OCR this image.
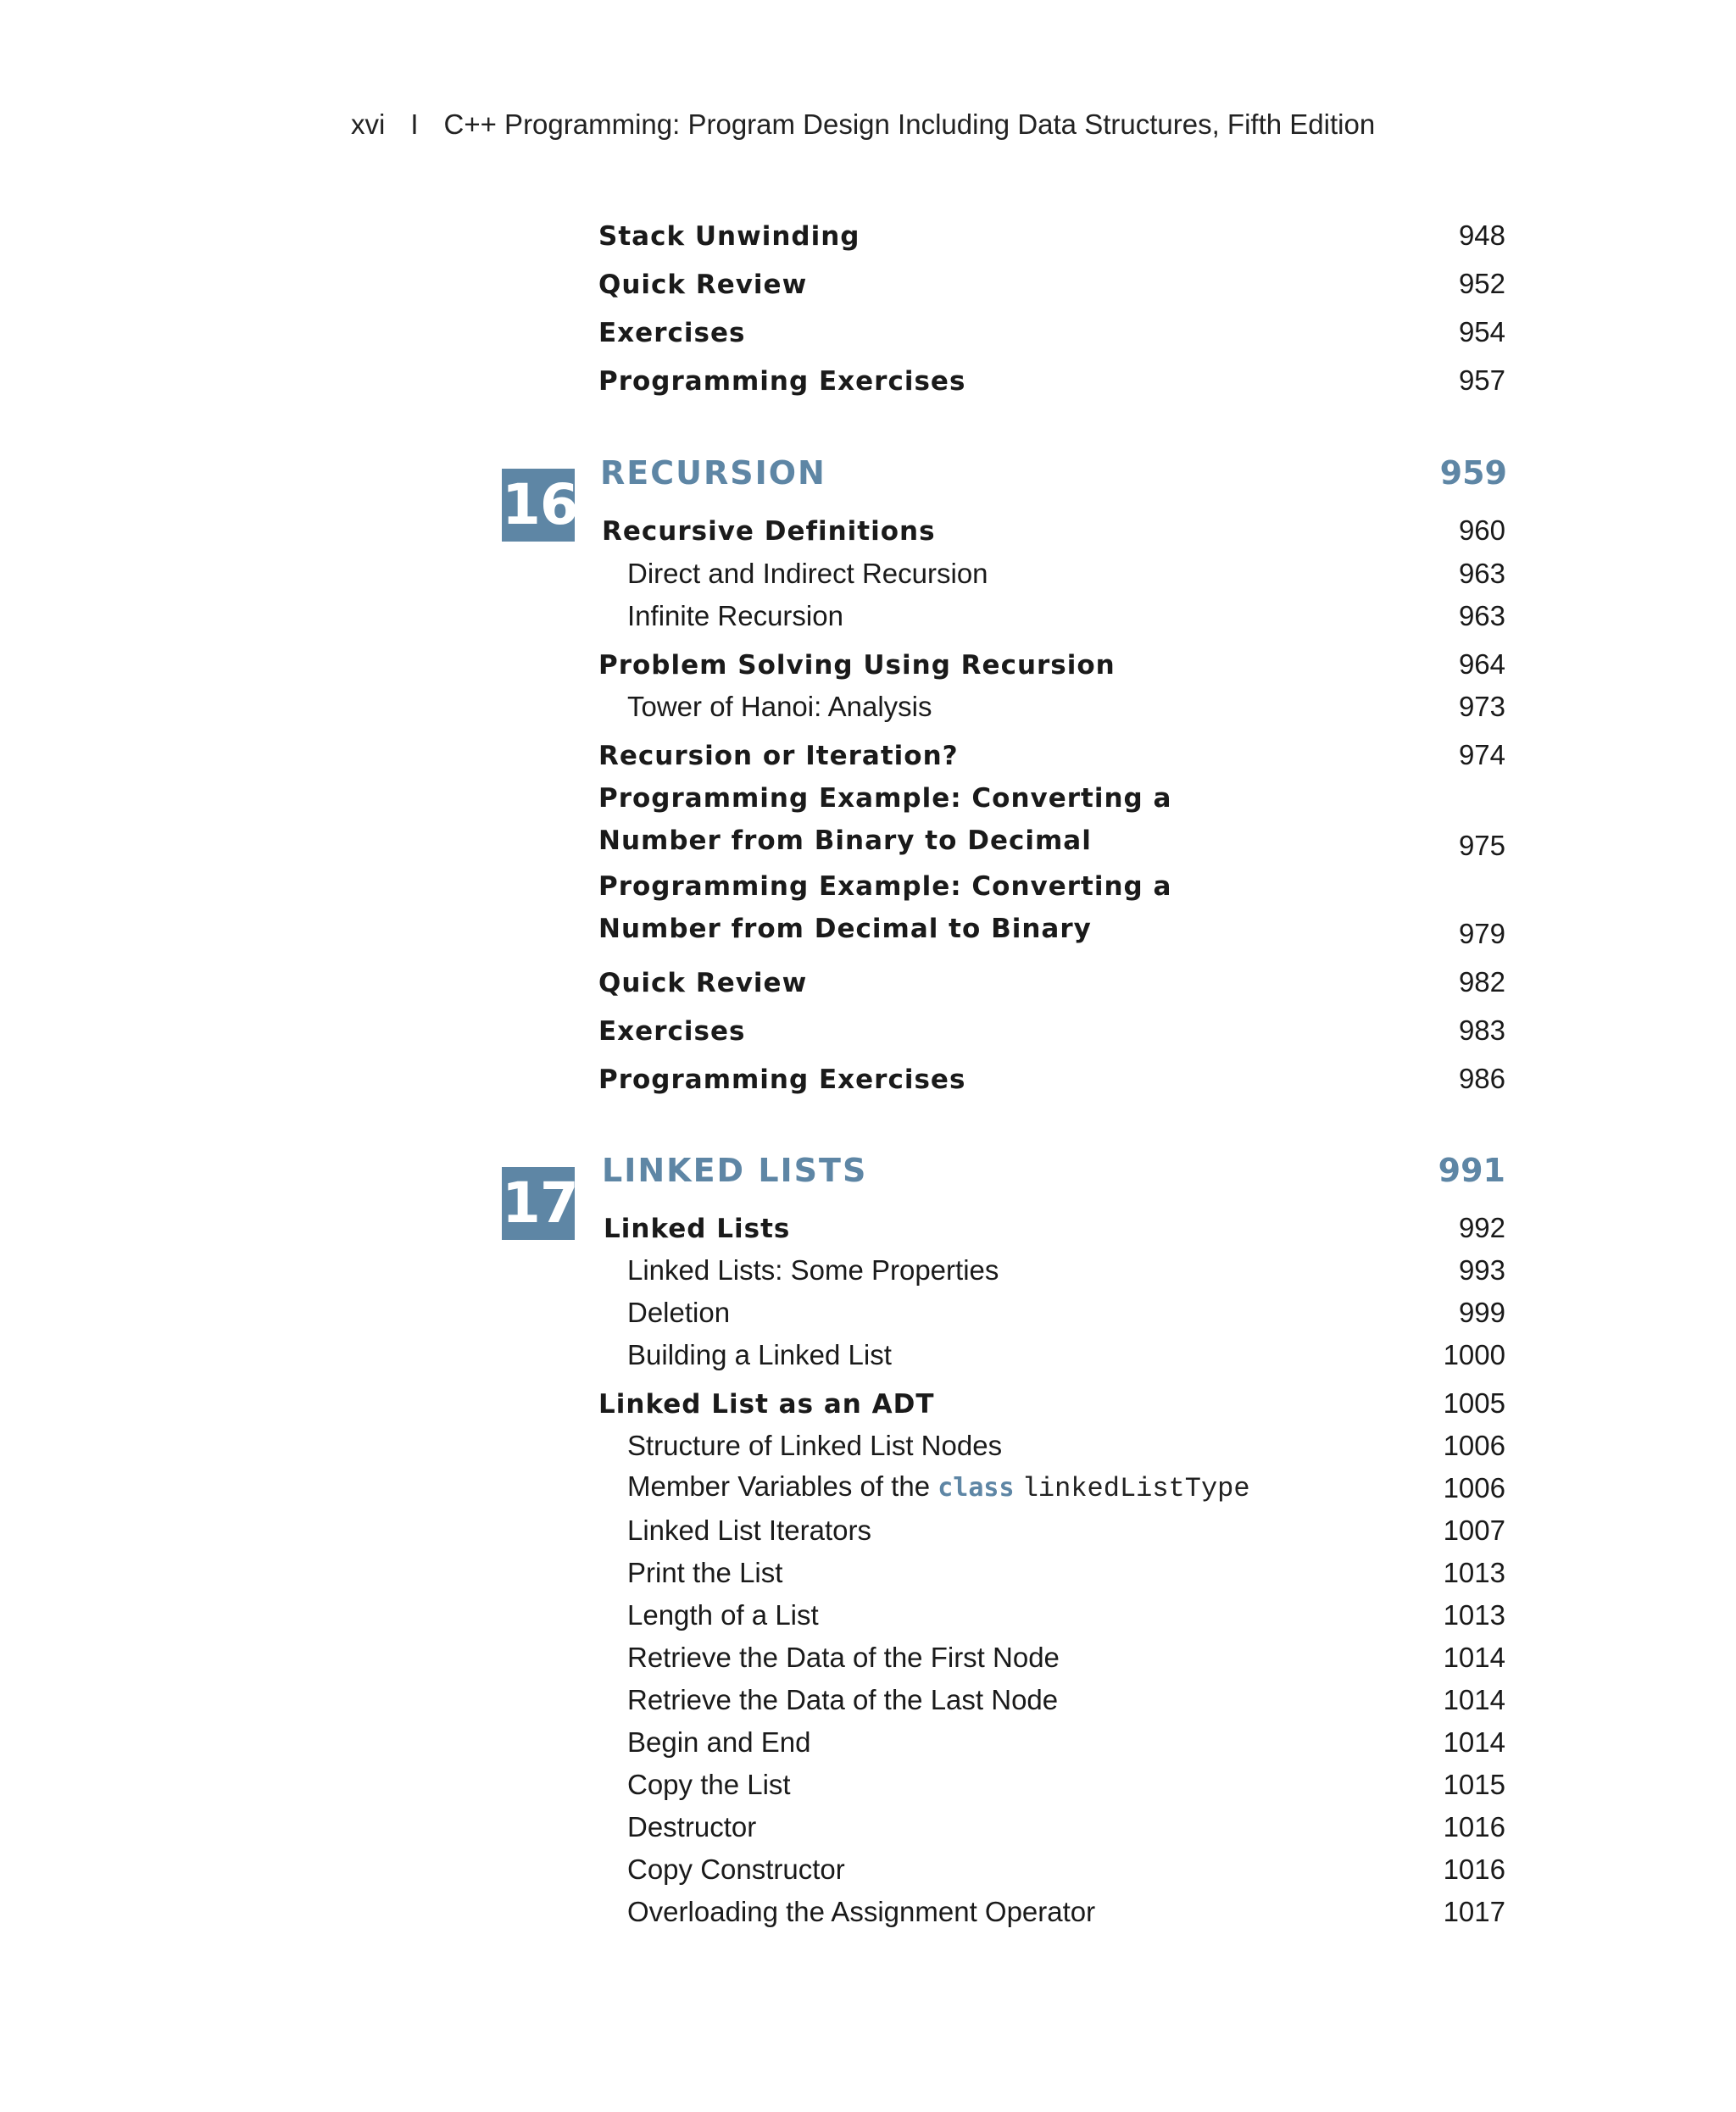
xvi I C++ Programming: Program Design Including Data Structures, Fifth Edition
Stack Unwinding	948
Quick Review	952
Exercises	954
Programming Exercises	957
16 RECURSION	959
Recursive Definitions	960
Direct and Indirect Recursion	963
Infinite Recursion	963
Problem Solving Using Recursion	964
Tower of Hanoi: Analysis	973
Recursion or Iteration?	974
Programming Example: Converting a Number from Binary to Decimal	975
Programming Example: Converting a Number from Decimal to Binary	979
Quick Review	982
Exercises	983
Programming Exercises	986
17 LINKED LISTS	991
Linked Lists	992
Linked Lists: Some Properties	993
Deletion	999
Building a Linked List	1000
Linked List as an ADT	1005
Structure of Linked List Nodes	1006
Member Variables of the class linkedListType	1006
Linked List Iterators	1007
Print the List	1013
Length of a List	1013
Retrieve the Data of the First Node	1014
Retrieve the Data of the Last Node	1014
Begin and End	1014
Copy the List	1015
Destructor	1016
Copy Constructor	1016
Overloading the Assignment Operator	1017
